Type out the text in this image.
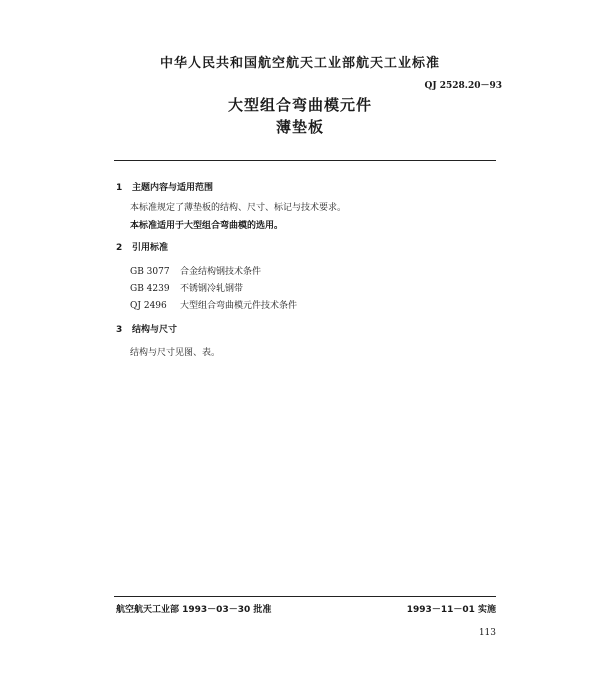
中华人民共和国航空航天工业部航天工业标准
QJ 2528.20－93
大型组合弯曲模元件
薄垫板
1 主题内容与适用范围
本标准规定了薄垫板的结构、尺寸、标记与技术要求。
本标准适用于大型组合弯曲模的选用。
2 引用标准
GB 3077 合金结构钢技术条件
GB 4239 不锈钢冷轧钢带
QJ 2496 大型组合弯曲模元件技术条件
3 结构与尺寸
结构与尺寸见图、表。
航空航天工业部 1993－03－30 批准	1993－11－01 实施
113
